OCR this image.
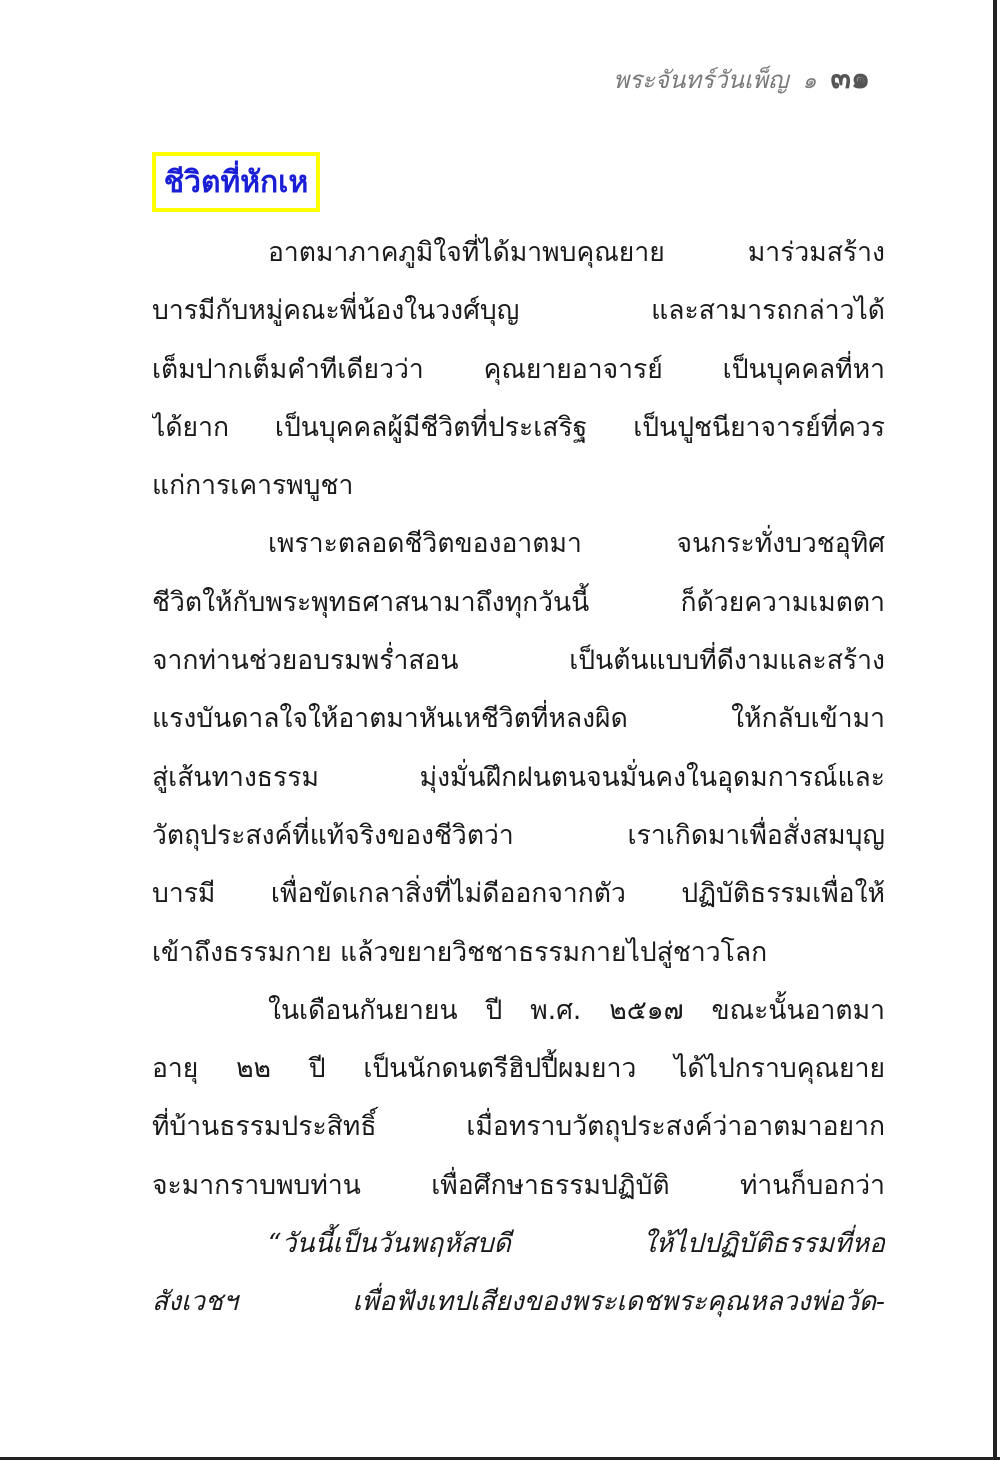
พระจันทร์วันเพ็ญ ๑ ๓๑
ชีวิตที่หักเห
อาตมาภาคภูมิใจที่ได้มาพบคุณยาย มาร่วมสร้าง
บารมีกับหมู่คณะพี่น้องในวงศ์บุญ และสามารถกล่าวได้
เต็มปากเต็มคำทีเดียวว่า คุณยายอาจารย์ เป็นบุคคลที่หา
ได้ยาก เป็นบุคคลผู้มีชีวิตที่ประเสริฐ เป็นปูชนียาจารย์ที่ควร
แก่การเคารพบูชา
เพราะตลอดชีวิตของอาตมา จนกระทั่งบวชอุทิศ
ชีวิตให้กับพระพุทธศาสนามาถึงทุกวันนี้ ก็ด้วยความเมตตา
จากท่านช่วยอบรมพร่ำสอน เป็นต้นแบบที่ดีงามและสร้าง
แรงบันดาลใจให้อาตมาหันเหชีวิตที่หลงผิด ให้กลับเข้ามา
สู่เส้นทางธรรม มุ่งมั่นฝึกฝนตนจนมั่นคงในอุดมการณ์และ
วัตถุประสงค์ที่แท้จริงของชีวิตว่า เราเกิดมาเพื่อสั่งสมบุญ
บารมี เพื่อขัดเกลาสิ่งที่ไม่ดีออกจากตัว ปฏิบัติธรรมเพื่อให้
เข้าถึงธรรมกาย แล้วขยายวิชชาธรรมกายไปสู่ชาวโลก
ในเดือนกันยายน ปี พ.ศ. ๒๕๑๗ ขณะนั้นอาตมา
อายุ ๒๒ ปี เป็นนักดนตรีฮิปปี้ผมยาว ได้ไปกราบคุณยาย
ที่บ้านธรรมประสิทธิ์ เมื่อทราบวัตถุประสงค์ว่าอาตมาอยาก
จะมากราบพบท่าน เพื่อศึกษาธรรมปฏิบัติ ท่านก็บอกว่า
“วันนี้เป็นวันพฤหัสบดี ให้ไปปฏิบัติธรรมที่หอ
สังเวชฯ เพื่อฟังเทปเสียงของพระเดชพระคุณหลวงพ่อวัด-
